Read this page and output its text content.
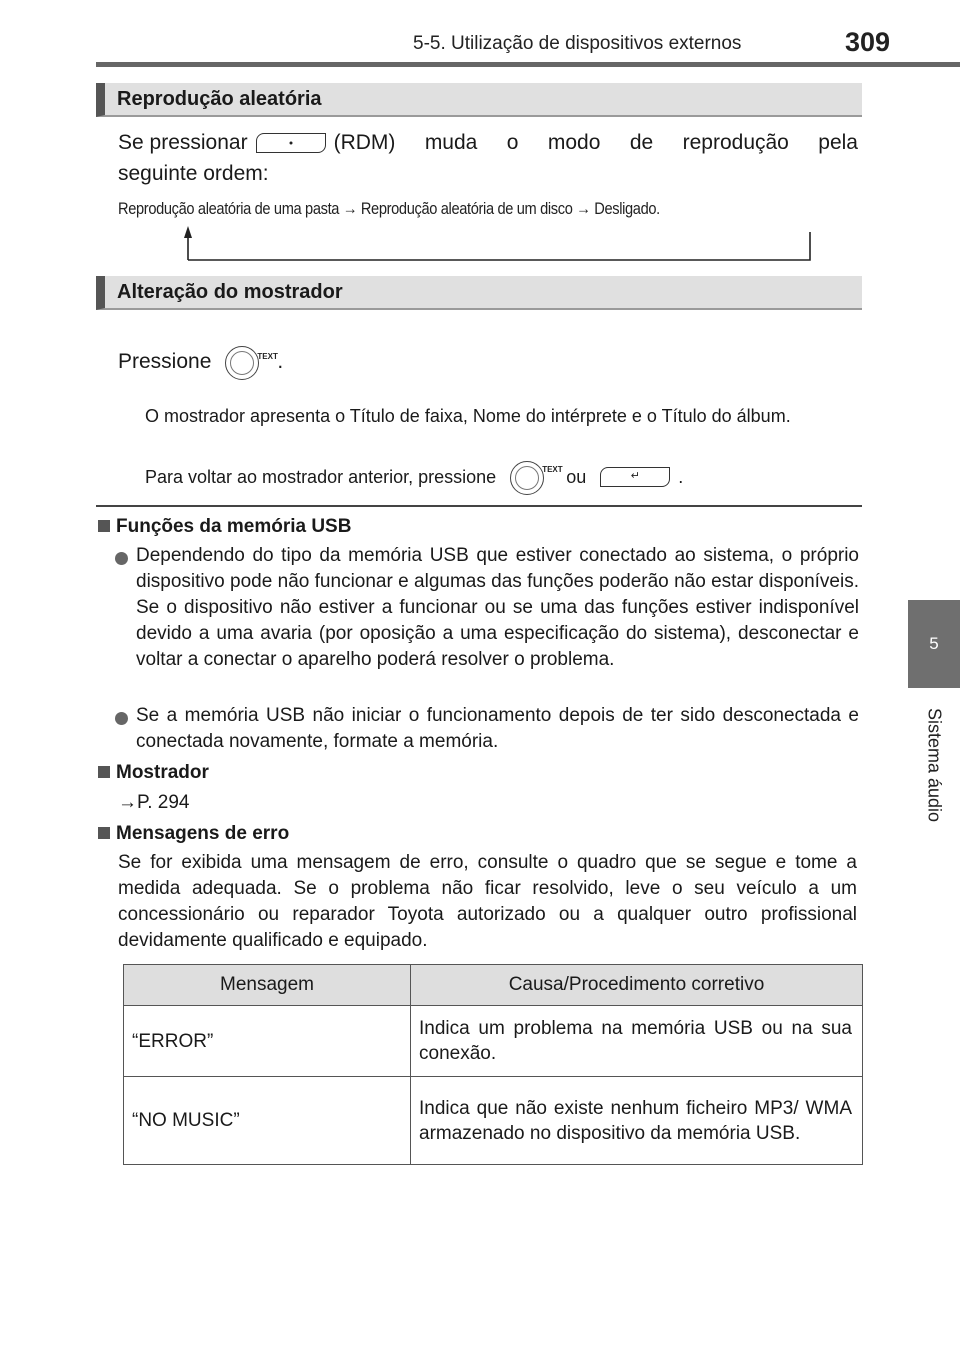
5-5. Utilização de dispositivos externos	309
5
Sistema áudio
Reprodução aleatória
Se pressionar	(RDM) muda o modo de reprodução pela
seguinte ordem:
Reprodução aleatória de uma pasta → Reprodução aleatória de um disco → Desligado.
Alteração do mostrador
Pressione	TEXT .
O mostrador apresenta o Título de faixa, Nome do intérprete e o Título do álbum.
Para voltar ao mostrador anterior, pressione	TEXT ou	↵ .
Funções da memória USB
Dependendo do tipo da memória USB que estiver conectado ao sistema, o próprio dispositivo pode não funcionar e algumas das funções poderão não estar disponíveis. Se o dispositivo não estiver a funcionar ou se uma das funções estiver indisponível devido a uma avaria (por oposição a uma especificação do sistema), desconectar e voltar a conectar o aparelho poderá resolver o problema.
Se a memória USB não iniciar o funcionamento depois de ter sido desconectada e conectada novamente, formate a memória.
Mostrador
→P. 294
Mensagens de erro
Se for exibida uma mensagem de erro, consulte o quadro que se segue e tome a medida adequada. Se o problema não ficar resolvido, leve o seu veículo a um concessionário ou reparador Toyota autorizado ou a qualquer outro profissional devidamente qualificado e equipado.
Mensagem	Causa/Procedimento corretivo
“ERROR”	Indica um problema na memória USB ou na sua conexão.
“NO MUSIC”	Indica que não existe nenhum ficheiro MP3/ WMA armazenado no dispositivo da memória USB.
